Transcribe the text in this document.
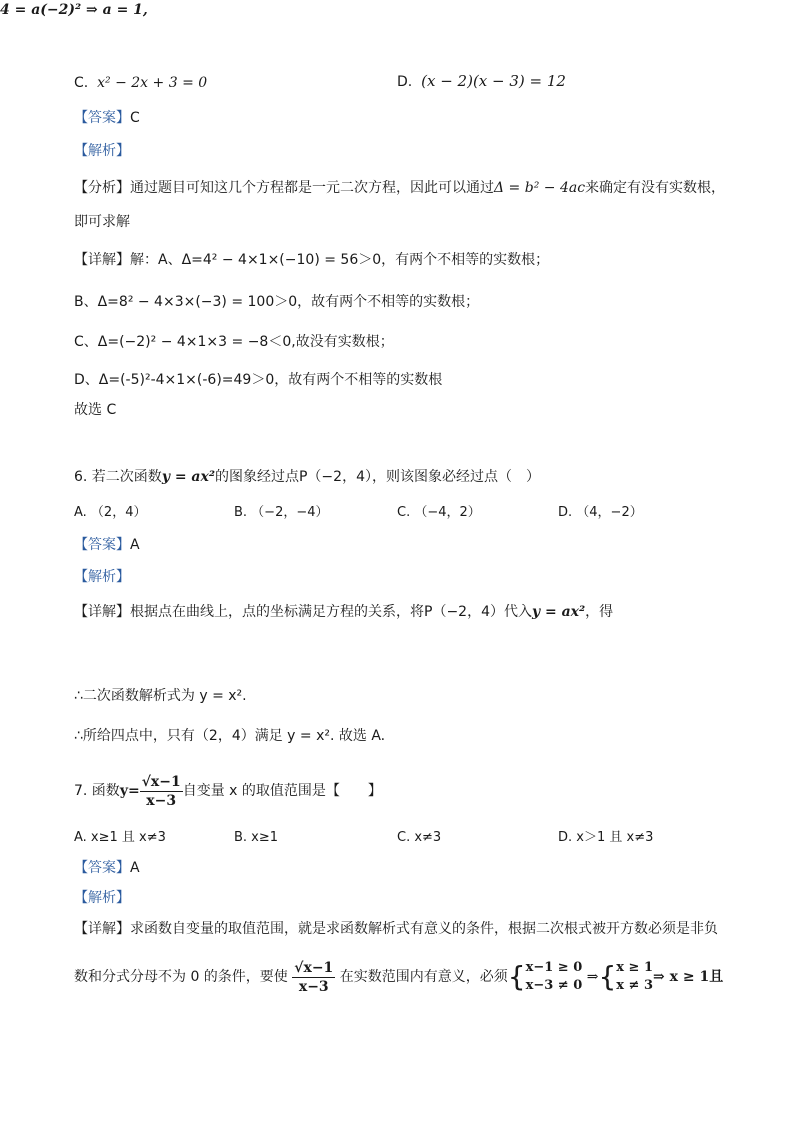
C. x² − 2x + 3 = 0	D. (x − 2)(x − 3) = 12
【答案】C
【解析】
【分析】通过题目可知这几个方程都是一元二次方程，因此可以通过Δ = b² − 4ac来确定有没有实数根，
即可求解
【详解】解：A、Δ=4² − 4×1×(−10) = 56＞0，有两个不相等的实数根；
B、Δ=8² − 4×3×(−3) = 100＞0，故有两个不相等的实数根；
C、Δ=(−2)² − 4×1×3 = −8＜0,故没有实数根；
D、Δ=(-5)²-4×1×(-6)=49＞0，故有两个不相等的实数根
故选 C
6. 若二次函数y = ax²的图象经过点P（−2，4），则该图象必经过点（　）
A. （2，4）	B. （−2，−4）	C. （−4，2）	D. （4，−2）
【答案】A
【解析】
【详解】根据点在曲线上，点的坐标满足方程的关系，将P（−2，4）代入y = ax²，得
4 = a(−2)² ⇒ a = 1,
∴二次函数解析式为 y = x².
∴所给四点中，只有（2，4）满足 y = x². 故选 A.
7. 函数$y= \frac{√x-1}{x-3}$ 自变量 x 的取值范围是【　　】
A. x≥1 且 x≠3	B. x≥1	C. x≠3	D. x＞1 且 x≠3
【答案】A
【解析】
【详解】求函数自变量的取值范围，就是求函数解析式有意义的条件，根据二次根式被开方数必须是非负
数和分式分母不为 0 的条件，要使 $\frac{√x-1}{x-3}$ 在实数范围内有意义，必须{ x−1 ≥ 0
x−3 ≠ 0
⇒{ x ≥ 1
x ≠ 3
⇒ x ≥ 1且
